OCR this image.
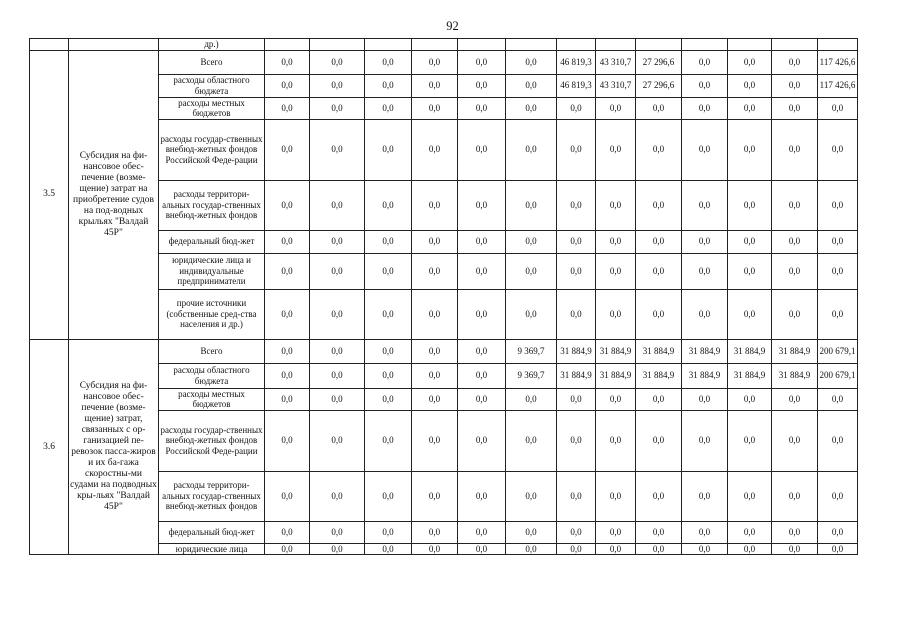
92
		др.)													
3.5	Субсидия на фи-нансовое обес-печение (возме-щение) затрат на приобретение судов на под-водных крыльях "Валдай 45Р"	Всего	0,0	0,0	0,0	0,0	0,0	0,0	46 819,3	43 310,7	27 296,6	0,0	0,0	0,0	117 426,6
		расходы областного бюджета	0,0	0,0	0,0	0,0	0,0	0,0	46 819,3	43 310,7	27 296,6	0,0	0,0	0,0	117 426,6
		расходы местных бюджетов	0,0	0,0	0,0	0,0	0,0	0,0	0,0	0,0	0,0	0,0	0,0	0,0	0,0
		расходы государ-ственных внебюд-жетных фондов Российской Феде-рации	0,0	0,0	0,0	0,0	0,0	0,0	0,0	0,0	0,0	0,0	0,0	0,0	0,0
		расходы территори-альных государ-ственных внебюд-жетных фондов	0,0	0,0	0,0	0,0	0,0	0,0	0,0	0,0	0,0	0,0	0,0	0,0	0,0
		федеральный бюд-жет	0,0	0,0	0,0	0,0	0,0	0,0	0,0	0,0	0,0	0,0	0,0	0,0	0,0
		юридические лица и индивидуальные предприниматели	0,0	0,0	0,0	0,0	0,0	0,0	0,0	0,0	0,0	0,0	0,0	0,0	0,0
		прочие источники (собственные сред-ства населения и др.)	0,0	0,0	0,0	0,0	0,0	0,0	0,0	0,0	0,0	0,0	0,0	0,0	0,0
3.6	Субсидия на фи-нансовое обес-печение (возме-щение) затрат, связанных с ор-ганизацией пе-ревозок пасса-жиров и их ба-гажа скоростны-ми судами на подводных кры-льях "Валдай 45Р"	Всего	0,0	0,0	0,0	0,0	0,0	9 369,7	31 884,9	31 884,9	31 884,9	31 884,9	31 884,9	31 884,9	200 679,1
		расходы областного бюджета	0,0	0,0	0,0	0,0	0,0	9 369,7	31 884,9	31 884,9	31 884,9	31 884,9	31 884,9	31 884,9	200 679,1
		расходы местных бюджетов	0,0	0,0	0,0	0,0	0,0	0,0	0,0	0,0	0,0	0,0	0,0	0,0	0,0
		расходы государ-ственных внебюд-жетных фондов Российской Феде-рации	0,0	0,0	0,0	0,0	0,0	0,0	0,0	0,0	0,0	0,0	0,0	0,0	0,0
		расходы территори-альных государ-ственных внебюд-жетных фондов	0,0	0,0	0,0	0,0	0,0	0,0	0,0	0,0	0,0	0,0	0,0	0,0	0,0
		федеральный бюд-жет	0,0	0,0	0,0	0,0	0,0	0,0	0,0	0,0	0,0	0,0	0,0	0,0	0,0
		юридические лица	0,0	0,0	0,0	0,0	0,0	0,0	0,0	0,0	0,0	0,0	0,0	0,0	0,0
